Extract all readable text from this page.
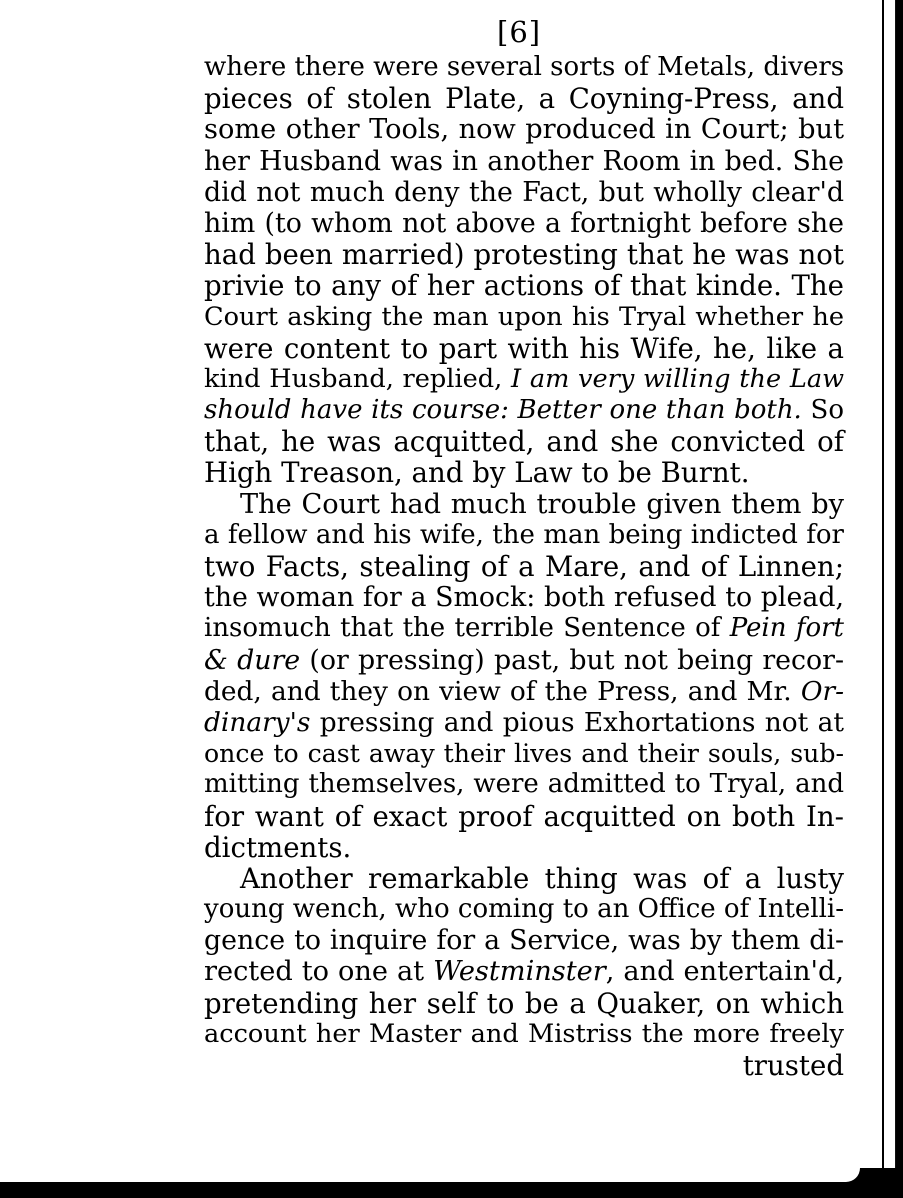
[6]
where there were several sorts of Metals, divers
pieces of stolen Plate, a Coyning-Press, and
some other Tools, now produced in Court; but
her Husband was in another Room in bed. She
did not much deny the Fact, but wholly clear'd
him (to whom not above a fortnight before she
had been married) protesting that he was not
privie to any of her actions of that kinde. The
Court asking the man upon his Tryal whether he
were content to part with his Wife, he, like a
kind Husband, replied, I am very willing the Law
should have its course: Better one than both. So
that, he was acquitted, and she convicted of
High Treason, and by Law to be Burnt.
The Court had much trouble given them by
a fellow and his wife, the man being indicted for
two Facts, stealing of a Mare, and of Linnen;
the woman for a Smock: both refused to plead,
insomuch that the terrible Sentence of Pein fort
& dure (or pressing) past, but not being recor-
ded, and they on view of the Press, and Mr. Or-
dinary's pressing and pious Exhortations not at
once to cast away their lives and their souls, sub-
mitting themselves, were admitted to Tryal, and
for want of exact proof acquitted on both In-
dictments.
Another remarkable thing was of a lusty
young wench, who coming to an Office of Intelli-
gence to inquire for a Service, was by them di-
rected to one at Westminster, and entertain'd,
pretending her self to be a Quaker, on which
account her Master and Mistriss the more freely
trusted
